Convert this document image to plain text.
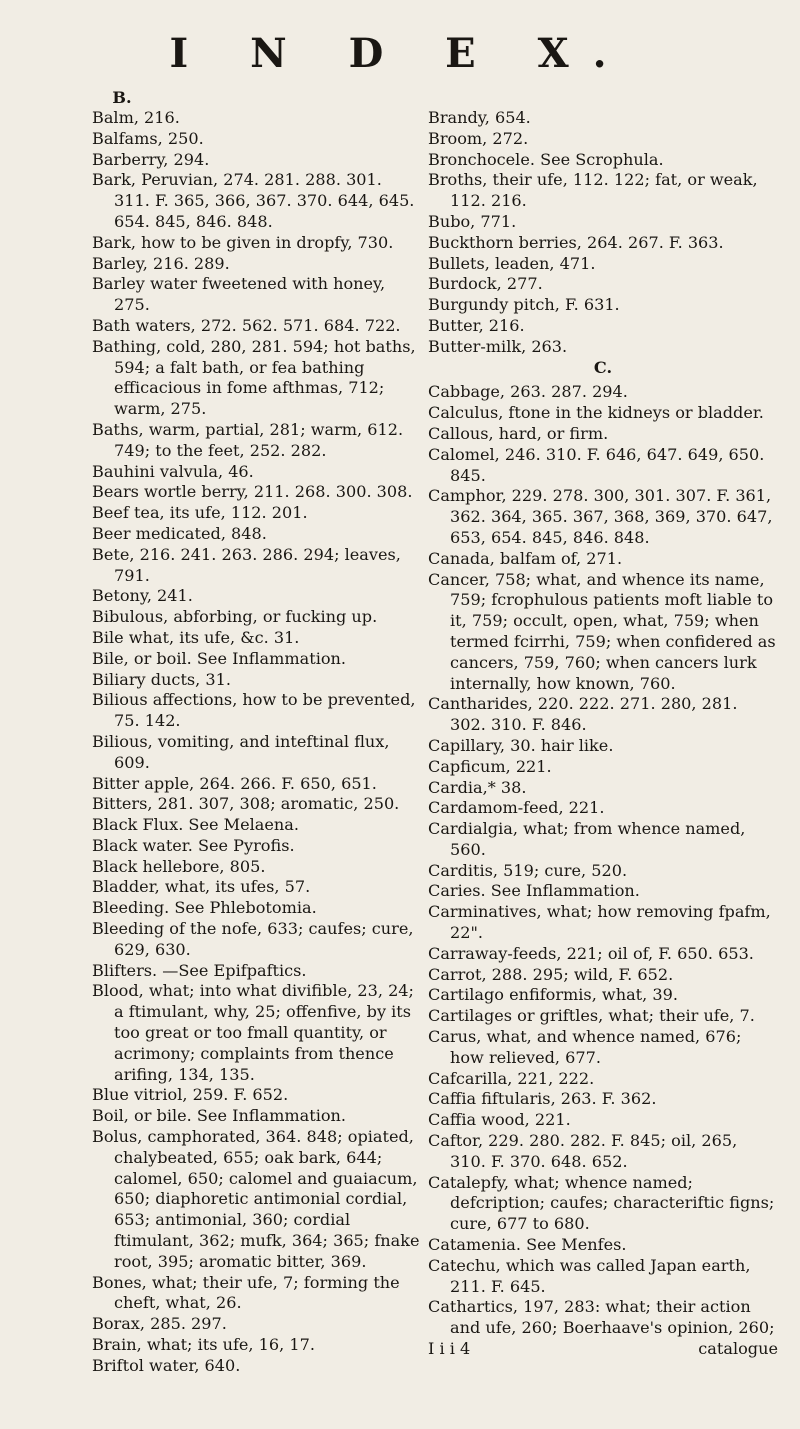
I N D E X.
B.
Balm, 216.
Balfams, 250.
Barberry, 294.
Bark, Peruvian, 274. 281. 288. 301. 311. F. 365, 366, 367. 370. 644, 645. 654. 845, 846. 848.
Bark, how to be given in dropfy, 730.
Barley, 216. 289.
Barley water fweetened with honey, 275.
Bath waters, 272. 562. 571. 684. 722.
Bathing, cold, 280, 281. 594; hot baths, 594; a falt bath, or fea bathing efficacious in fome afthmas, 712; warm, 275.
Baths, warm, partial, 281; warm, 612. 749; to the feet, 252. 282.
Bauhini valvula, 46.
Bears wortle berry, 211. 268. 300. 308.
Beef tea, its ufe, 112. 201.
Beer medicated, 848.
Bete, 216. 241. 263. 286. 294; leaves, 791.
Betony, 241.
Bibulous, abforbing, or fucking up.
Bile what, its ufe, &c. 31.
Bile, or boil. See Inflammation.
Biliary ducts, 31.
Bilious affections, how to be prevented, 75. 142.
Bilious, vomiting, and inteftinal flux, 609.
Bitter apple, 264. 266. F. 650, 651.
Bitters, 281. 307, 308; aromatic, 250.
Black Flux. See Melaena.
Black water. See Pyrofis.
Black hellebore, 805.
Bladder, what, its ufes, 57.
Bleeding. See Phlebotomia.
Bleeding of the nofe, 633; caufes; cure, 629, 630.
Blifters. —See Epifpaftics.
Blood, what; into what divifible, 23, 24; a ftimulant, why, 25; offenfive, by its too great or too fmall quantity, or acrimony; complaints from thence arifing, 134, 135.
Blue vitriol, 259. F. 652.
Boil, or bile. See Inflammation.
Bolus, camphorated, 364. 848; opiated, chalybeated, 655; oak bark, 644; calomel, 650; calomel and guaiacum, 650; diaphoretic antimonial cordial, 653; antimonial, 360; cordial ftimulant, 362; mufk, 364; 365; fnake root, 395; aromatic bitter, 369.
Bones, what; their ufe, 7; forming the cheft, what, 26.
Borax, 285. 297.
Brain, what; its ufe, 16, 17.
Briftol water, 640.
Brandy, 654.
Broom, 272.
Bronchocele. See Scrophula.
Broths, their ufe, 112. 122; fat, or weak, 112. 216.
Bubo, 771.
Buckthorn berries, 264. 267. F. 363.
Bullets, leaden, 471.
Burdock, 277.
Burgundy pitch, F. 631.
Butter, 216.
Butter-milk, 263.
C.
Cabbage, 263. 287. 294.
Calculus, ftone in the kidneys or bladder.
Callous, hard, or firm.
Calomel, 246. 310. F. 646, 647. 649, 650. 845.
Camphor, 229. 278. 300, 301. 307. F. 361, 362. 364, 365. 367, 368, 369, 370. 647, 653, 654. 845, 846. 848.
Canada, balfam of, 271.
Cancer, 758; what, and whence its name, 759; fcrophulous patients moft liable to it, 759; occult, open, what, 759; when termed fcirrhi, 759; when confidered as cancers, 759, 760; when cancers lurk internally, how known, 760.
Cantharides, 220. 222. 271. 280, 281. 302. 310. F. 846.
Capillary, 30. hair like.
Capficum, 221.
Cardia,* 38.
Cardamom-feed, 221.
Cardialgia, what; from whence named, 560.
Carditis, 519; cure, 520.
Caries. See Inflammation.
Carminatives, what; how removing fpafm, 22".
Carraway-feeds, 221; oil of, F. 650. 653.
Carrot, 288. 295; wild, F. 652.
Cartilago enfiformis, what, 39.
Cartilages or griftles, what; their ufe, 7.
Carus, what, and whence named, 676; how relieved, 677.
Cafcarilla, 221, 222.
Caffia fiftularis, 263. F. 362.
Caffia wood, 221.
Caftor, 229. 280. 282. F. 845; oil, 265, 310. F. 370. 648. 652.
Catalepfy, what; whence named; defcription; caufes; characteriftic figns; cure, 677 to 680.
Catamenia. See Menfes.
Catechu, which was called Japan earth, 211. F. 645.
Cathartics, 197, 283: what; their action and ufe, 260; Boerhaave's opinion, 260;
I i i 4	catalogue
